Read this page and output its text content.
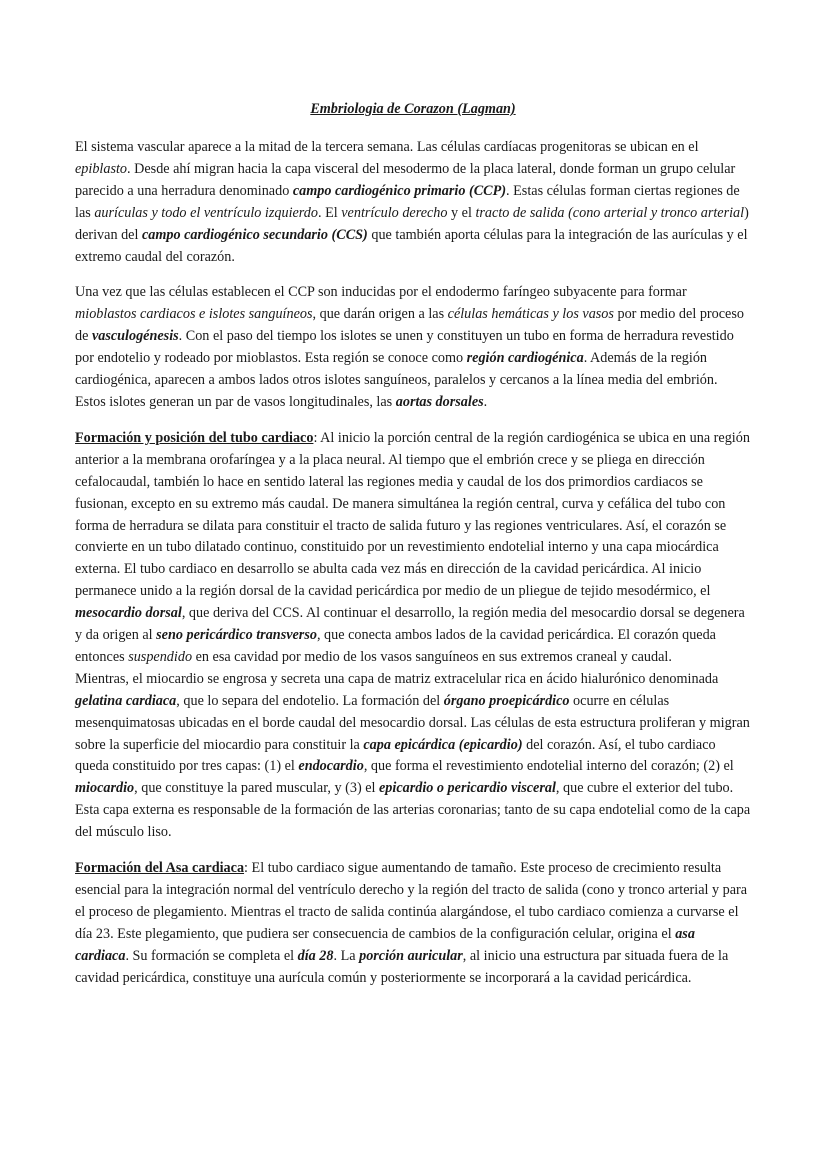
Embriologia de Corazon (Lagman)

El sistema vascular aparece a la mitad de la tercera semana. Las células cardíacas progenitoras se ubican en el epiblasto. Desde ahí migran hacia la capa visceral del mesodermo de la placa lateral, donde forman un grupo celular parecido a una herradura denominado campo cardiogénico primario (CCP). Estas células forman ciertas regiones de las aurículas y todo el ventrículo izquierdo. El ventrículo derecho y el tracto de salida (cono arterial y tronco arterial) derivan del campo cardiogénico secundario (CCS) que también aporta células para la integración de las aurículas y el extremo caudal del corazón.

Una vez que las células establecen el CCP son inducidas por el endodermo faríngeo subyacente para formar mioblastos cardiacos e islotes sanguíneos, que darán origen a las células hemáticas y los vasos por medio del proceso de vasculogénesis. Con el paso del tiempo los islotes se unen y constituyen un tubo en forma de herradura revestido por endotelio y rodeado por mioblastos. Esta región se conoce como región cardiogénica. Además de la región cardiogénica, aparecen a ambos lados otros islotes sanguíneos, paralelos y cercanos a la línea media del embrión. Estos islotes generan un par de vasos longitudinales, las aortas dorsales.

Formación y posición del tubo cardiaco: Al inicio la porción central de la región cardiogénica se ubica en una región anterior a la membrana orofaríngea y a la placa neural. Al tiempo que el embrión crece y se pliega en dirección cefalocaudal, también lo hace en sentido lateral las regiones media y caudal de los dos primordios cardiacos se fusionan, excepto en su extremo más caudal. De manera simultánea la región central, curva y cefálica del tubo con forma de herradura se dilata para constituir el tracto de salida futuro y las regiones ventriculares. Así, el corazón se convierte en un tubo dilatado continuo, constituido por un revestimiento endotelial interno y una capa miocárdica externa. El tubo cardiaco en desarrollo se abulta cada vez más en dirección de la cavidad pericárdica. Al inicio permanece unido a la región dorsal de la cavidad pericárdica por medio de un pliegue de tejido mesodérmico, el mesocardio dorsal, que deriva del CCS. Al continuar el desarrollo, la región media del mesocardio dorsal se degenera y da origen al seno pericárdico transverso, que conecta ambos lados de la cavidad pericárdica. El corazón queda entonces suspendido en esa cavidad por medio de los vasos sanguíneos en sus extremos craneal y caudal.

Mientras, el miocardio se engrosa y secreta una capa de matriz extracelular rica en ácido hialurónico denominada gelatina cardiaca, que lo separa del endotelio. La formación del órgano proepicárdico ocurre en células mesenquimatosas ubicadas en el borde caudal del mesocardio dorsal. Las células de esta estructura proliferan y migran sobre la superficie del miocardio para constituir la capa epicárdica (epicardio) del corazón. Así, el tubo cardiaco queda constituido por tres capas: (1) el endocardio, que forma el revestimiento endotelial interno del corazón; (2) el miocardio, que constituye la pared muscular, y (3) el epicardio o pericardio visceral, que cubre el exterior del tubo. Esta capa externa es responsable de la formación de las arterias coronarias; tanto de su capa endotelial como de la capa del músculo liso.

Formación del Asa cardiaca: El tubo cardiaco sigue aumentando de tamaño. Este proceso de crecimiento resulta esencial para la integración normal del ventrículo derecho y la región del tracto de salida (cono y tronco arterial y para el proceso de plegamiento. Mientras el tracto de salida continúa alargándose, el tubo cardiaco comienza a curvarse el día 23. Este plegamiento, que pudiera ser consecuencia de cambios de la configuración celular, origina el asa cardiaca. Su formación se completa el día 28. La porción auricular, al inicio una estructura par situada fuera de la cavidad pericárdica, constituye una aurícula común y posteriormente se incorporará a la cavidad pericárdica.
